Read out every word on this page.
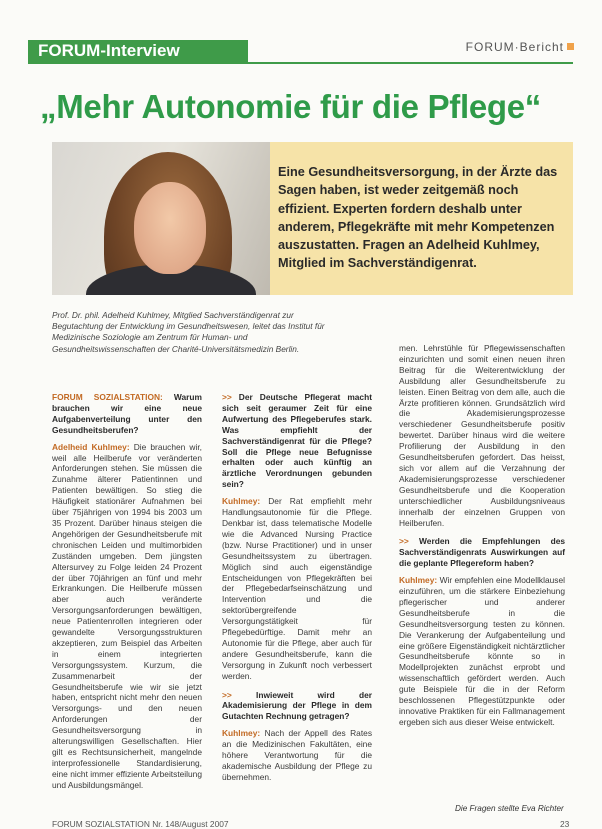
FORUM-Interview	FORUM·Bericht
„Mehr Autonomie für die Pflege“
Eine Gesundheitsversorgung, in der Ärzte das Sagen haben, ist weder zeitgemäß noch effizient. Experten fordern deshalb unter anderem, Pflegekräfte mit mehr Kompetenzen auszustatten. Fragen an Adelheid Kuhlmey, Mitglied im Sachverständigenrat.
Prof. Dr. phil. Adelheid Kuhlmey, Mitglied Sachverständigenrat zur Begutachtung der Entwicklung im Gesundheitswesen, leitet das Institut für Medizinische Soziologie am Zentrum für Human- und Gesundheitswissenschaften der Charité-Universitätsmedizin Berlin.

FORUM SOZIALSTATION: Warum brauchen wir eine neue Aufgabenverteilung unter den Gesundheitsberufen?

Adelheid Kuhlmey: Die brauchen wir, weil alle Heilberufe vor veränderten Anforderungen stehen. Sie müssen die Zunahme älterer Patientinnen und Patienten bewältigen. So stieg die Häufigkeit stationärer Aufnahmen bei über 75jährigen von 1994 bis 2003 um 35 Prozent. Darüber hinaus steigen die Angehörigen der Gesundheitsberufe mit chronischen Leiden und multimorbiden Zuständen umgeben. Dem jüngsten Altersurvey zu Folge leiden 24 Prozent der über 70jährigen an fünf und mehr Erkrankungen. Die Heilberufe müssen aber auch veränderte Versorgungsanforderungen bewältigen, neue Patientenrollen integrieren oder gewandelte Versorgungsstrukturen akzeptieren, zum Beispiel das Arbeiten in einem integrierten Versorgungssystem. Kurzum, die Zusammenarbeit der Gesundheitsberufe wie wir sie jetzt haben, entspricht nicht mehr den neuen Versorgungs- und den neuen Anforderungen der Gesundheitsversorgung in alterungswilligen Gesellschaften. Hier gilt es Rechtsunsicherheit, mangelnde interprofessionelle Standardisierung, eine nicht immer effiziente Arbeitsteilung und Ausbildungsmängel.

>> Der Deutsche Pflegerat macht sich seit geraumer Zeit für eine Aufwertung des Pflegeberufes stark. Was empfiehlt der Sachverständigenrat für die Pflege? Soll die Pflege neue Befugnisse erhalten oder auch künftig an ärztliche Verordnungen gebunden sein?

Kuhlmey: Der Rat empfiehlt mehr Handlungsautonomie für die Pflege. Denkbar ist, dass telematische Modelle wie die Advanced Nursing Practice (bzw. Nurse Practitioner) und in unser Gesundheitssystem zu übertragen. Möglich sind auch eigenständige Entscheidungen von Pflegekräften bei der Pflegebedarfseinschätzung und Intervention und die sektorübergreifende Versorgungstätigkeit für Pflegebedürftige. Damit mehr an Autonomie für die Pflege, aber auch für andere Gesundheitsberufe, kann die Versorgung in Zukunft noch verbessert werden.

>> Inwieweit wird der Akademisierung der Pflege in dem Gutachten Rechnung getragen?

Kuhlmey: Nach der Appell des Rates an die Medizinischen Fakultäten, eine höhere Verantwortung für die akademische Ausbildung der Pflege zu übernehmen.

men. Lehrstühle für Pflegewissenschaften einzurichten und somit einen neuen ihren Beitrag für die Weiterentwicklung der Ausbildung aller Gesundheitsberufe zu leisten. Einen Beitrag von dem alle, auch die Ärzte profitieren können. Grundsätzlich wird die Akademisierungsprozesse verschiedener Gesundheitsberufe positiv bewertet. Darüber hinaus wird die weitere Profilierung der Ausbildung in den Gesundheitsberufen gefordert. Das heisst, sich vor allem auf die Verzahnung der Akademisierungsprozesse verschiedener Gesundheitsberufe und die Kooperation unterschiedlicher Ausbildungsniveaus innerhalb der einzelnen Gruppen von Heilberufen.

>> Werden die Empfehlungen des Sachverständigenrats Auswirkungen auf die geplante Pflegereform haben?

Kuhlmey: Wir empfehlen eine Modellklausel einzuführen, um die stärkere Einbeziehung pflegerischer und anderer Gesundheitsberufe in die Gesundheitsversorgung testen zu können. Die Verankerung der Aufgabenteilung und eine größere Eigenständigkeit nichtärztlicher Gesundheitsberufe könnte so in Modellprojekten zunächst erprobt und wissenschaftlich gefördert werden. Auch gute Beispiele für die in der Reform beschlossenen Pflegestützpunkte oder innovative Praktiken für ein Fallmanagement ergeben sich aus dieser Weise entwickelt.

Die Fragen stellte Eva Richter
FORUM SOZIALSTATION Nr. 148/August 2007	23
